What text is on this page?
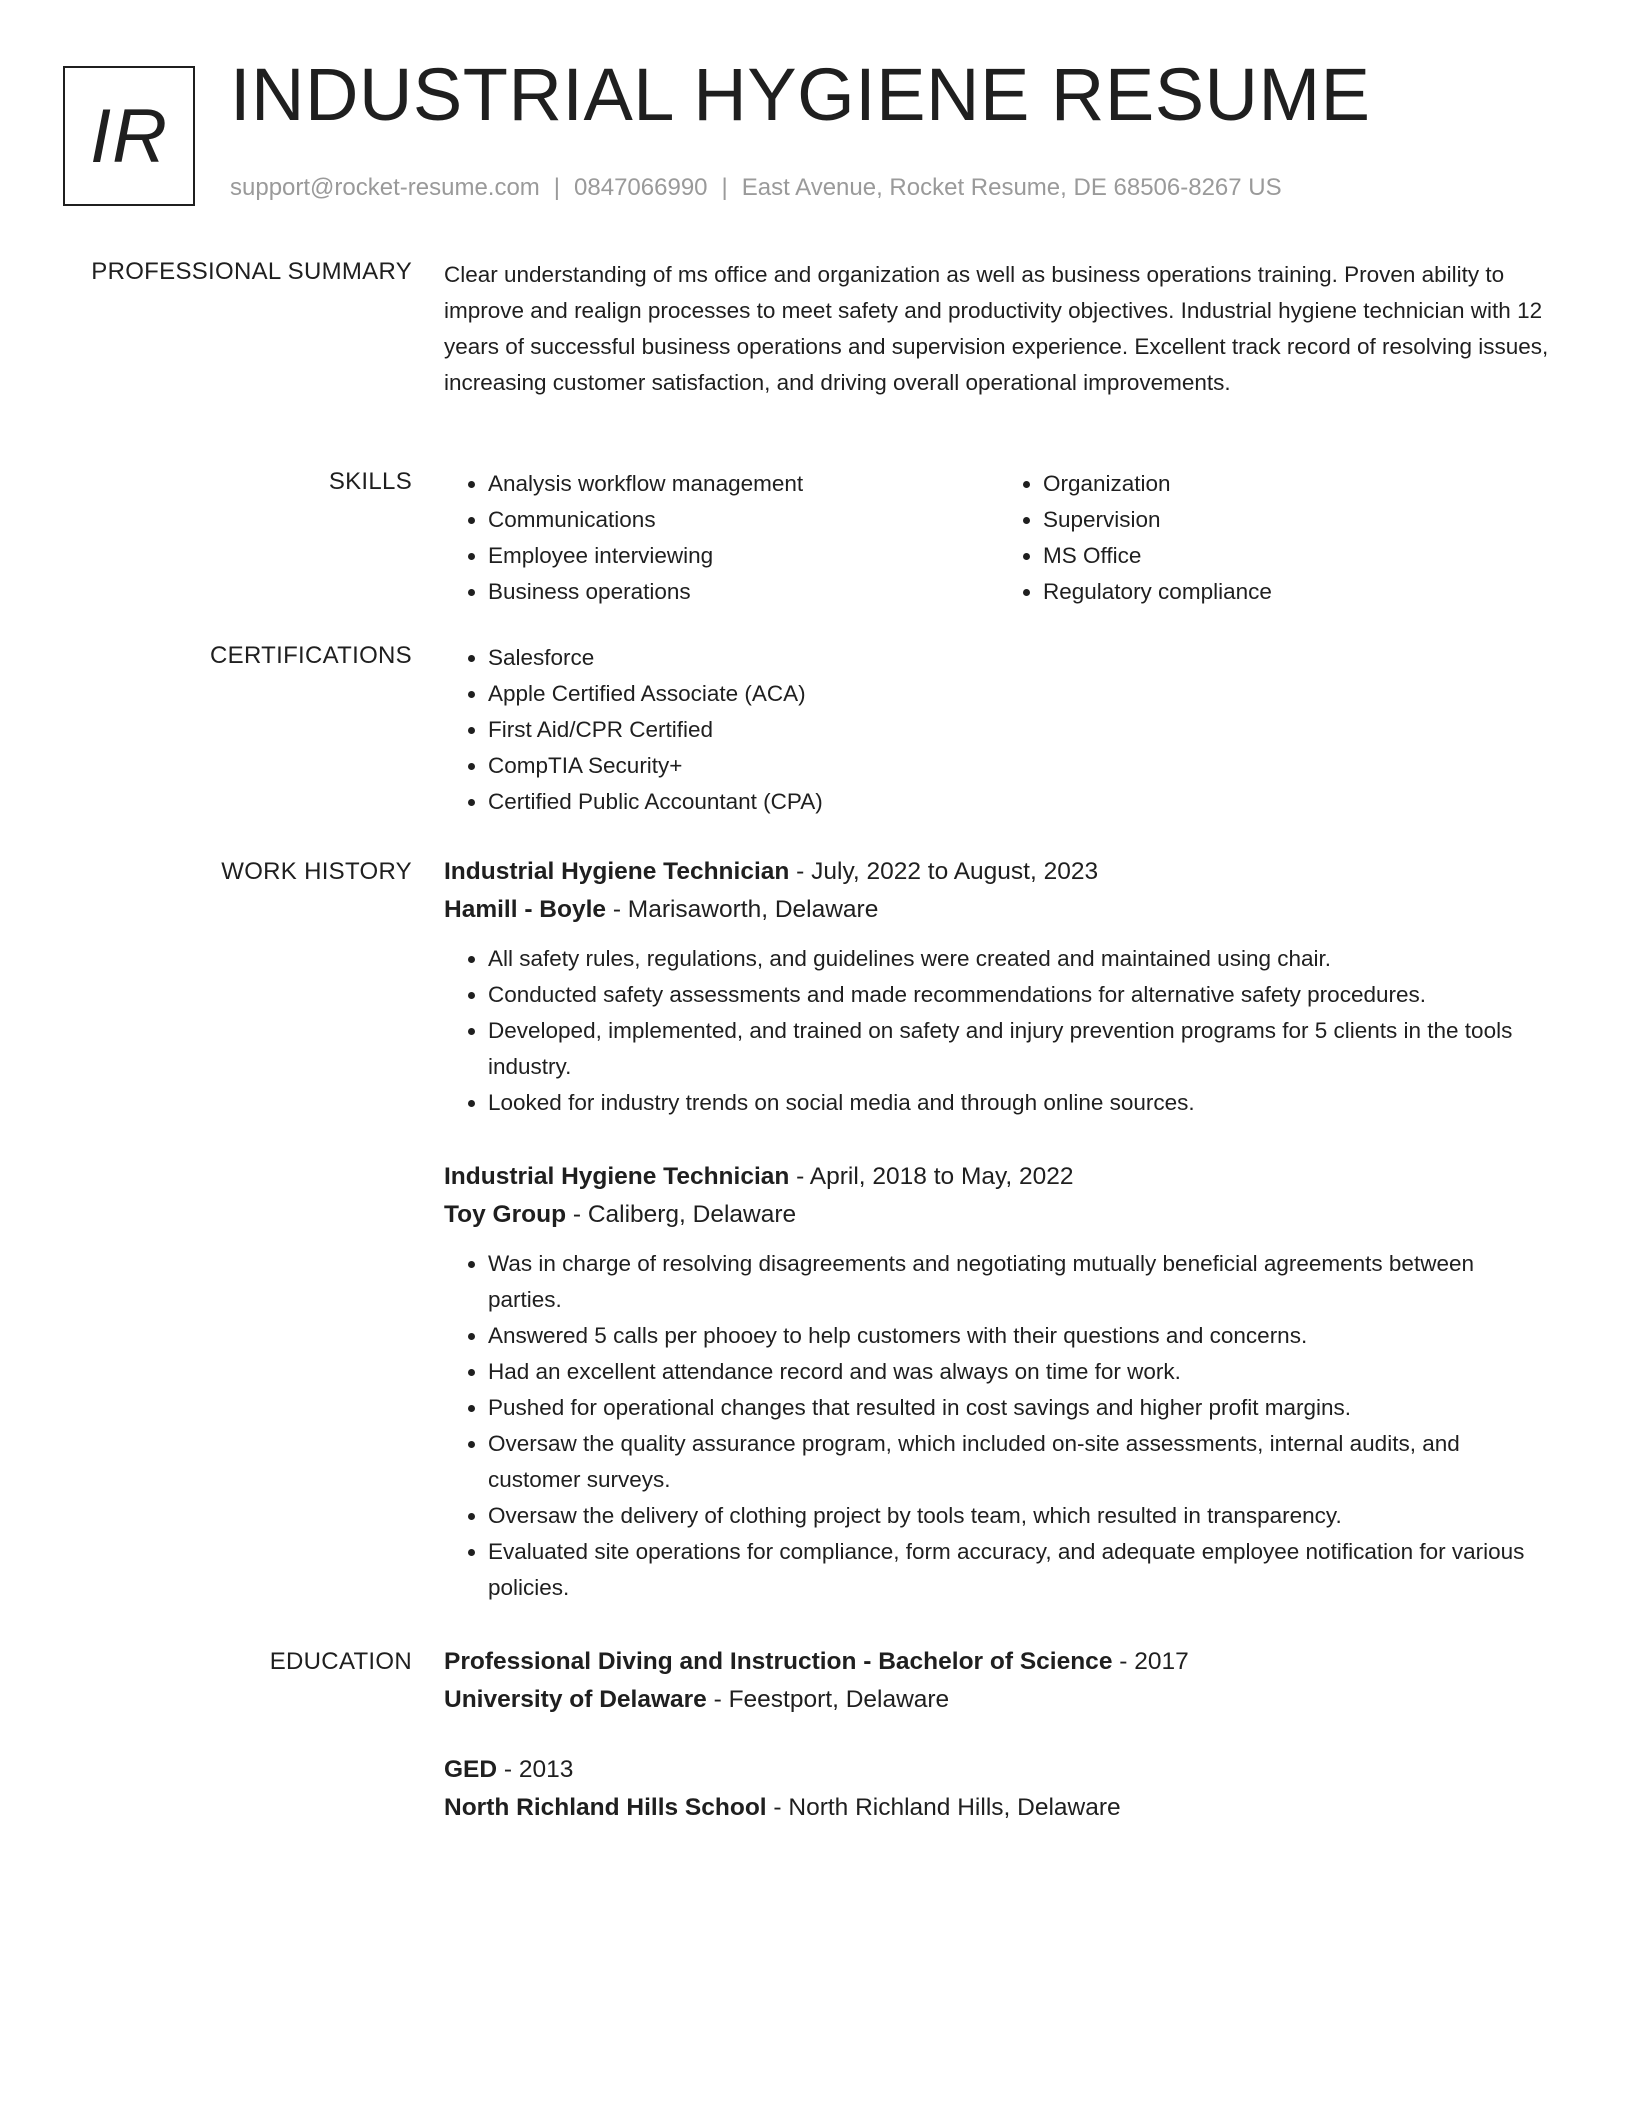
IR INDUSTRIAL HYGIENE RESUME
support@rocket-resume.com | 0847066990 | East Avenue, Rocket Resume, DE 68506-8267 US
PROFESSIONAL SUMMARY Clear understanding of ms office and organization as well as business operations training. Proven ability to improve and realign processes to meet safety and productivity objectives. Industrial hygiene technician with 12 years of successful business operations and supervision experience. Excellent track record of resolving issues, increasing customer satisfaction, and driving overall operational improvements.

SKILLS	• Analysis workflow management
• Communications
• Employee interviewing
• Business operations
• Organization
• Supervision
• MS Office
• Regulatory compliance
CERTIFICATIONS	• Salesforce
• Apple Certified Associate (ACA)
• First Aid/CPR Certified
• CompTIA Security+
• Certified Public Accountant (CPA)
WORK HISTORY Industrial Hygiene Technician - July, 2022 to August, 2023
Hamill - Boyle - Marisaworth, Delaware
• All safety rules, regulations, and guidelines were created and maintained using chair.
• Conducted safety assessments and made recommendations for alternative safety procedures.
• Developed, implemented, and trained on safety and injury prevention programs for 5 clients in the tools industry.
• Looked for industry trends on social media and through online sources.
Industrial Hygiene Technician - April, 2018 to May, 2022
Toy Group - Caliberg, Delaware
• Was in charge of resolving disagreements and negotiating mutually beneficial agreements between parties.
• Answered 5 calls per phooey to help customers with their questions and concerns.
• Had an excellent attendance record and was always on time for work.
• Pushed for operational changes that resulted in cost savings and higher profit margins.
• Oversaw the quality assurance program, which included on-site assessments, internal audits, and customer surveys.
• Oversaw the delivery of clothing project by tools team, which resulted in transparency.
• Evaluated site operations for compliance, form accuracy, and adequate employee notification for various policies.
EDUCATION Professional Diving and Instruction - Bachelor of Science - 2017
University of Delaware - Feestport, Delaware
GED - 2013
North Richland Hills School - North Richland Hills, Delaware
